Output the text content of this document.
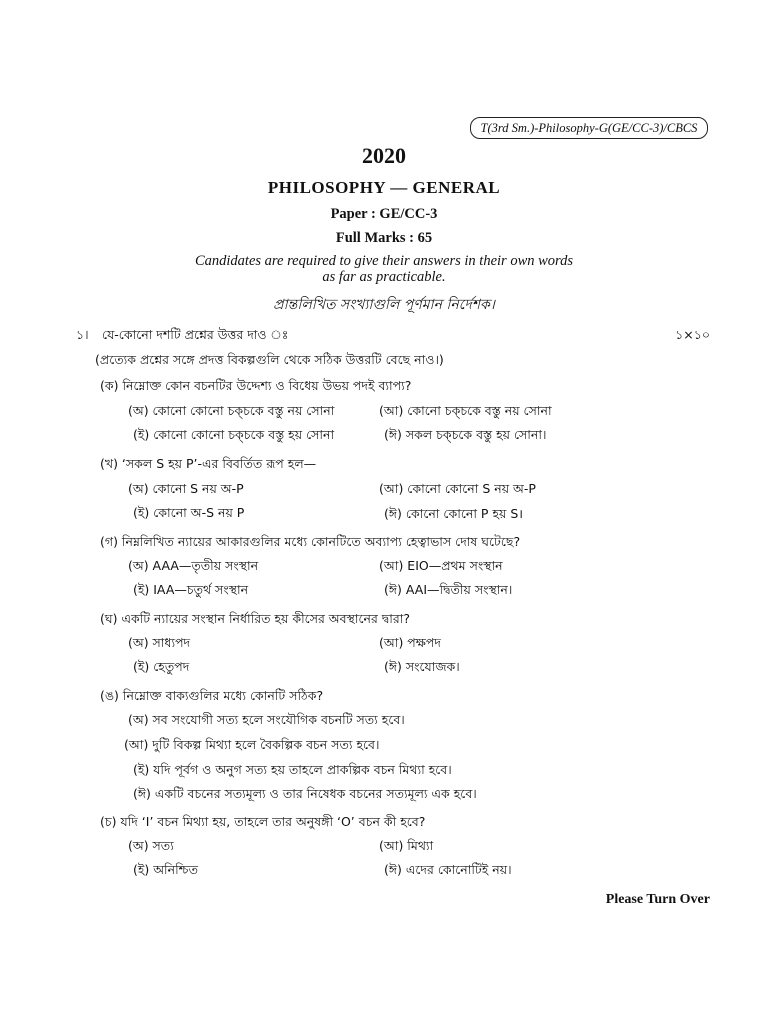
T(3rd Sm.)-Philosophy-G(GE/CC-3)/CBCS
2020
PHILOSOPHY — GENERAL
Paper : GE/CC-3
Full Marks : 65
Candidates are required to give their answers in their own words
as far as practicable.
প্রান্তলিখিত সংখ্যাগুলি পূর্ণমান নির্দেশক।
১। যে-কোনো দশটি প্রশ্নের উত্তর দাও ঃ	১×১০
(প্রত্যেক প্রশ্নের সঙ্গে প্রদত্ত বিকল্পগুলি থেকে সঠিক উত্তরটি বেছে নাও।)
(ক) নিম্নোক্ত কোন বচনটির উদ্দেশ্য ও বিধেয় উভয় পদই ব্যাপ্য?
(অ) কোনো কোনো চক্চকে বস্তু নয় সোনা	(আ) কোনো চক্চকে বস্তু নয় সোনা
(ই) কোনো কোনো চক্চকে বস্তু হয় সোনা	(ঈ) সকল চক্চকে বস্তু হয় সোনা।
(খ) ‘সকল S হয় P’-এর বিবর্তিত রূপ হল—
(অ) কোনো S নয় অ-P	(আ) কোনো কোনো S নয় অ-P
(ই) কোনো অ-S নয় P	(ঈ) কোনো কোনো P হয় S।
(গ) নিম্নলিখিত ন্যায়ের আকারগুলির মধ্যে কোনটিতে অব্যাপ্য হেত্বাভাস দোষ ঘটেছে?
(অ) AAA—তৃতীয় সংস্থান	(আ) EIO—প্রথম সংস্থান
(ই) IAA—চতুর্থ সংস্থান	(ঈ) AAI—দ্বিতীয় সংস্থান।
(ঘ) একটি ন্যায়ের সংস্থান নির্ধারিত হয় কীসের অবস্থানের দ্বারা?
(অ) সাধ্যপদ	(আ) পক্ষপদ
(ই) হেতুপদ	(ঈ) সংযোজক।
(ঙ) নিম্নোক্ত বাক্যগুলির মধ্যে কোনটি সঠিক?
(অ) সব সংযোগী সত্য হলে সংযৌগিক বচনটি সত্য হবে।
(আ) দুটি বিকল্প মিথ্যা হলে বৈকল্পিক বচন সত্য হবে।
(ই) যদি পূর্বগ ও অনুগ সত্য হয় তাহলে প্রাকল্পিক বচন মিথ্যা হবে।
(ঈ) একটি বচনের সত্যমূল্য ও তার নিষেধক বচনের সত্যমূল্য এক হবে।
(চ) যদি ‘I’ বচন মিথ্যা হয়, তাহলে তার অনুষঙ্গী ‘O’ বচন কী হবে?
(অ) সত্য	(আ) মিথ্যা
(ই) অনিশ্চিত	(ঈ) এদের কোনোটিই নয়।
Please Turn Over
